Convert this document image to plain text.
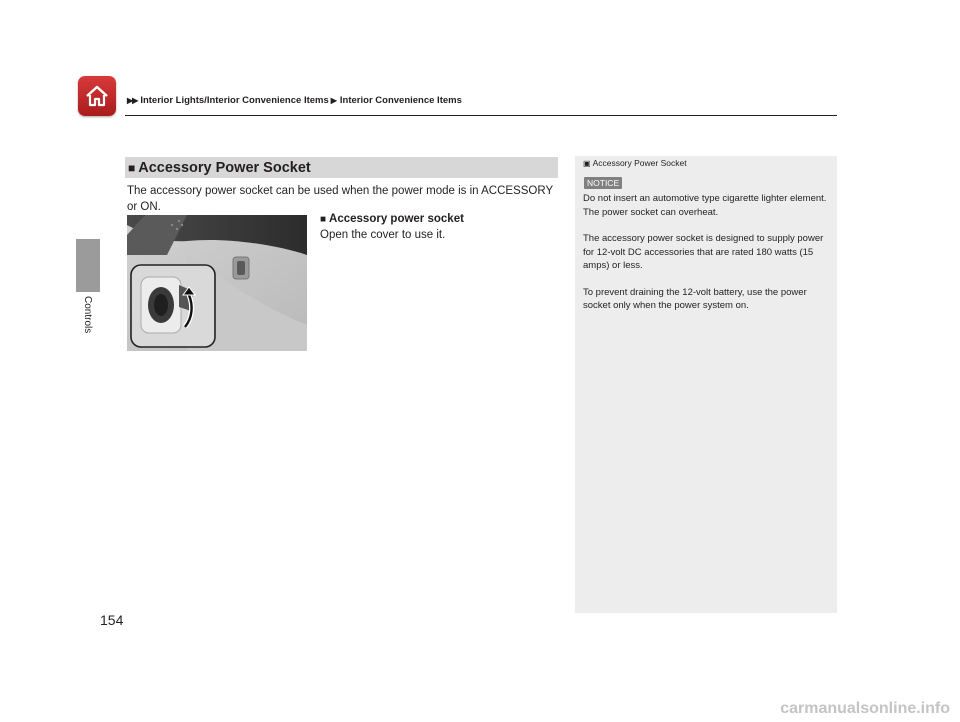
▶▶ Interior Lights/Interior Convenience Items ▶ Interior Convenience Items
Controls
■ Accessory Power Socket
The accessory power socket can be used when the power mode is in ACCESSORY or ON.
■ Accessory power socket
Open the cover to use it.
▣ Accessory Power Socket
NOTICE

Do not insert an automotive type cigarette lighter element.

The power socket can overheat.

The accessory power socket is designed to supply power for 12-volt DC accessories that are rated 180 watts (15 amps) or less.

To prevent draining the 12-volt battery, use the power socket only when the power system on.

154
carmanualsonline.info
